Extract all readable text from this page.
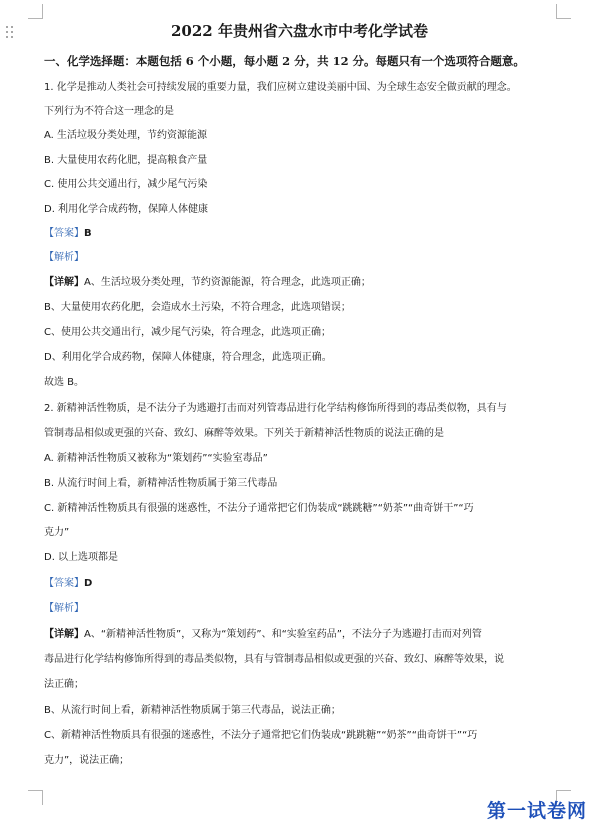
2022 年贵州省六盘水市中考化学试卷
一、化学选择题：本题包括 6 个小题，每小题 2 分，共 12 分。每题只有一个选项符合题意。
1. 化学是推动人类社会可持续发展的重要力量，我们应树立建设美丽中国、为全球生态安全做贡献的理念。
下列行为不符合这一理念的是
A. 生活垃圾分类处理，节约资源能源
B. 大量使用农药化肥，提高粮食产量
C. 使用公共交通出行，减少尾气污染
D. 利用化学合成药物，保障人体健康
【答案】B
【解析】
【详解】A、生活垃圾分类处理，节约资源能源，符合理念，此选项正确；
B、大量使用农药化肥，会造成水土污染，不符合理念，此选项错误；
C、使用公共交通出行，减少尾气污染，符合理念，此选项正确；
D、利用化学合成药物，保障人体健康，符合理念，此选项正确。
故选 B。
2. 新精神活性物质，是不法分子为逃避打击而对列管毒品进行化学结构修饰所得到的毒品类似物，具有与
管制毒品相似或更强的兴奋、致幻、麻醉等效果。下列关于新精神活性物质的说法正确的是
A. 新精神活性物质又被称为“策划药”“实验室毒品”
B. 从流行时间上看，新精神活性物质属于第三代毒品
C. 新精神活性物质具有很强的迷惑性，不法分子通常把它们伪装成“跳跳糖”“奶茶”“曲奇饼干”“巧
克力”
D. 以上选项都是
【答案】D
【解析】
【详解】A、“新精神活性物质”，又称为“策划药”、和“实验室药品”，不法分子为逃避打击而对列管
毒品进行化学结构修饰所得到的毒品类似物，具有与管制毒品相似或更强的兴奋、致幻、麻醉等效果，说
法正确；
B、从流行时间上看，新精神活性物质属于第三代毒品，说法正确；
C、新精神活性物质具有很强的迷惑性，不法分子通常把它们伪装成“跳跳糖”“奶茶”“曲奇饼干”“巧
克力”，说法正确；
第一试卷网
